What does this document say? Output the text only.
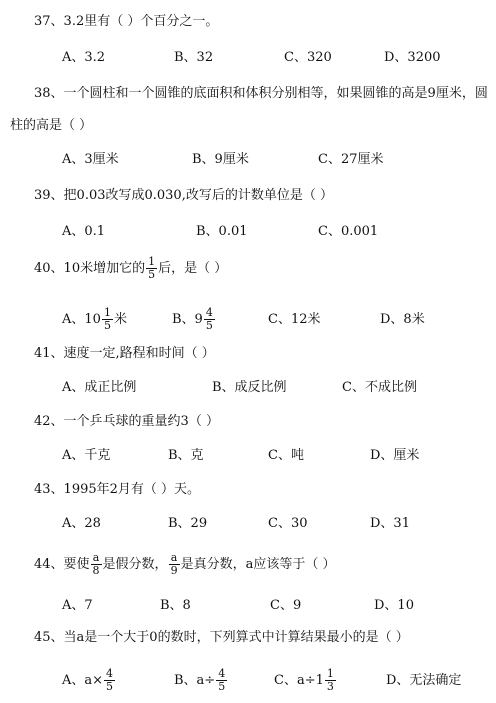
37、3.2里有（ ）个百分之一。
A、3.2	B、32	C、320	D、3200
38、一个圆柱和一个圆锥的底面积和体积分别相等，如果圆锥的高是9厘米，圆
柱的高是（ ）
A、3厘米	B、9厘米	C、27厘米
39、把0.03改写成0.030,改写后的计数单位是（ ）
A、0.1	B、0.01	C、0.001
40、10米增加它的 $\frac{1}{5}$ 后，是（ ）
A、$10 \frac{1}{5}$ 米	B、$9 \frac{4}{5}$	C、12米	D、8米
41、速度一定,路程和时间（ ）
A、成正比例	B、成反比例	C、不成比例
42、一个乒乓球的重量约3（ ）
A、千克	B、克	C、吨	D、厘米
43、1995年2月有（ ）天。
A、28	B、29	C、30	D、31
44、要使 $\frac{a}{8}$ 是假分数， $\frac{a}{9}$ 是真分数，a应该等于（ ）
A、7	B、8	C、9	D、10
45、当a是一个大于0的数时，下列算式中计算结果最小的是（ ）
A、$a\times \frac{4}{5}$	B、$a\div \frac{4}{5}$	C、$a\div 1 \frac{1}{3}$	D、无法确定
